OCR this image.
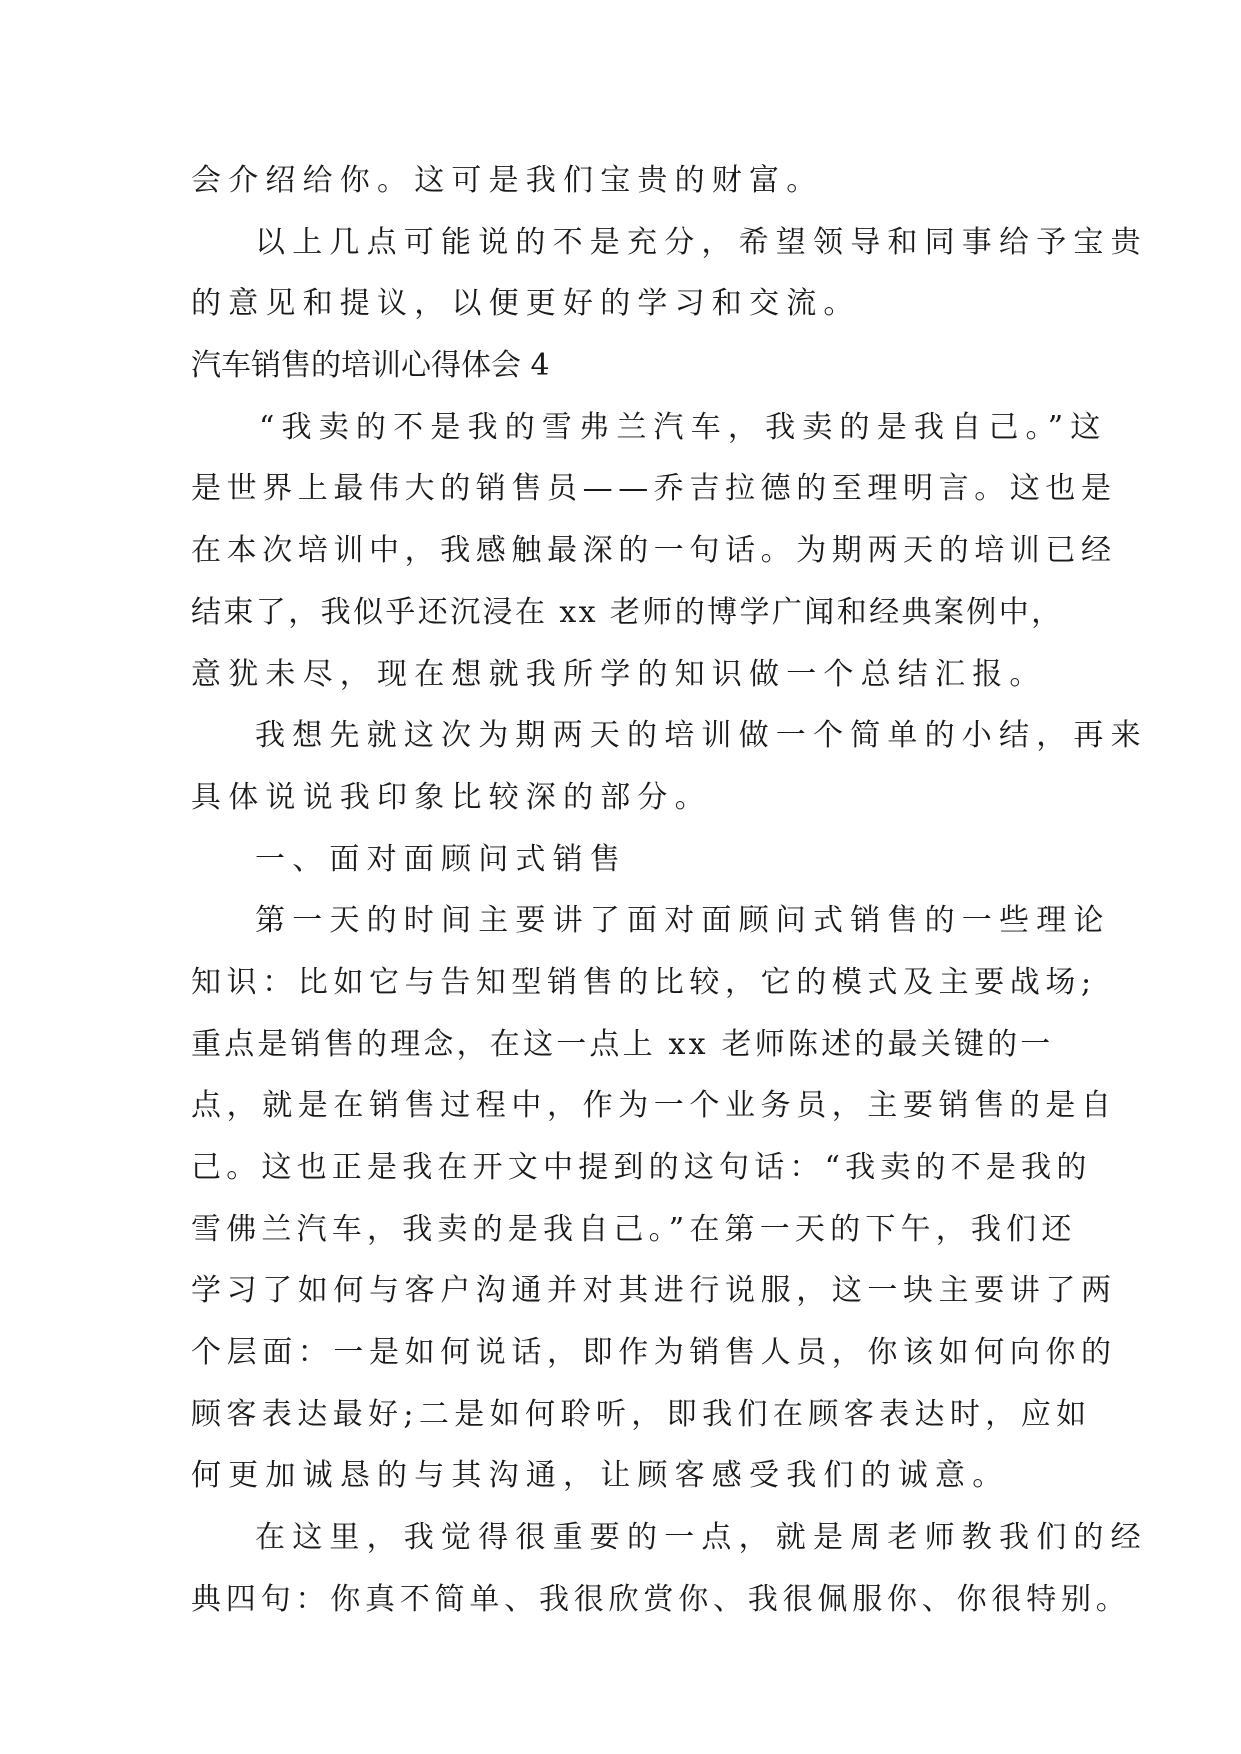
会介绍给你。这可是我们宝贵的财富。
以上几点可能说的不是充分，希望领导和同事给予宝贵
的意见和提议，以便更好的学习和交流。
汽车销售的培训心得体会 4
“我卖的不是我的雪弗兰汽车，我卖的是我自己。”这
是世界上最伟大的销售员——乔吉拉德的至理明言。这也是
在本次培训中，我感触最深的一句话。为期两天的培训已经
结束了，我似乎还沉浸在 xx 老师的博学广闻和经典案例中，
意犹未尽，现在想就我所学的知识做一个总结汇报。
我想先就这次为期两天的培训做一个简单的小结，再来
具体说说我印象比较深的部分。
一、面对面顾问式销售
第一天的时间主要讲了面对面顾问式销售的一些理论
知识：比如它与告知型销售的比较，它的模式及主要战场;
重点是销售的理念，在这一点上 xx 老师陈述的最关键的一
点，就是在销售过程中，作为一个业务员，主要销售的是自
己。这也正是我在开文中提到的这句话：“我卖的不是我的
雪佛兰汽车，我卖的是我自己。”在第一天的下午，我们还
学习了如何与客户沟通并对其进行说服，这一块主要讲了两
个层面：一是如何说话，即作为销售人员，你该如何向你的
顾客表达最好;二是如何聆听，即我们在顾客表达时，应如
何更加诚恳的与其沟通，让顾客感受我们的诚意。
在这里，我觉得很重要的一点，就是周老师教我们的经
典四句：你真不简单、我很欣赏你、我很佩服你、你很特别。
